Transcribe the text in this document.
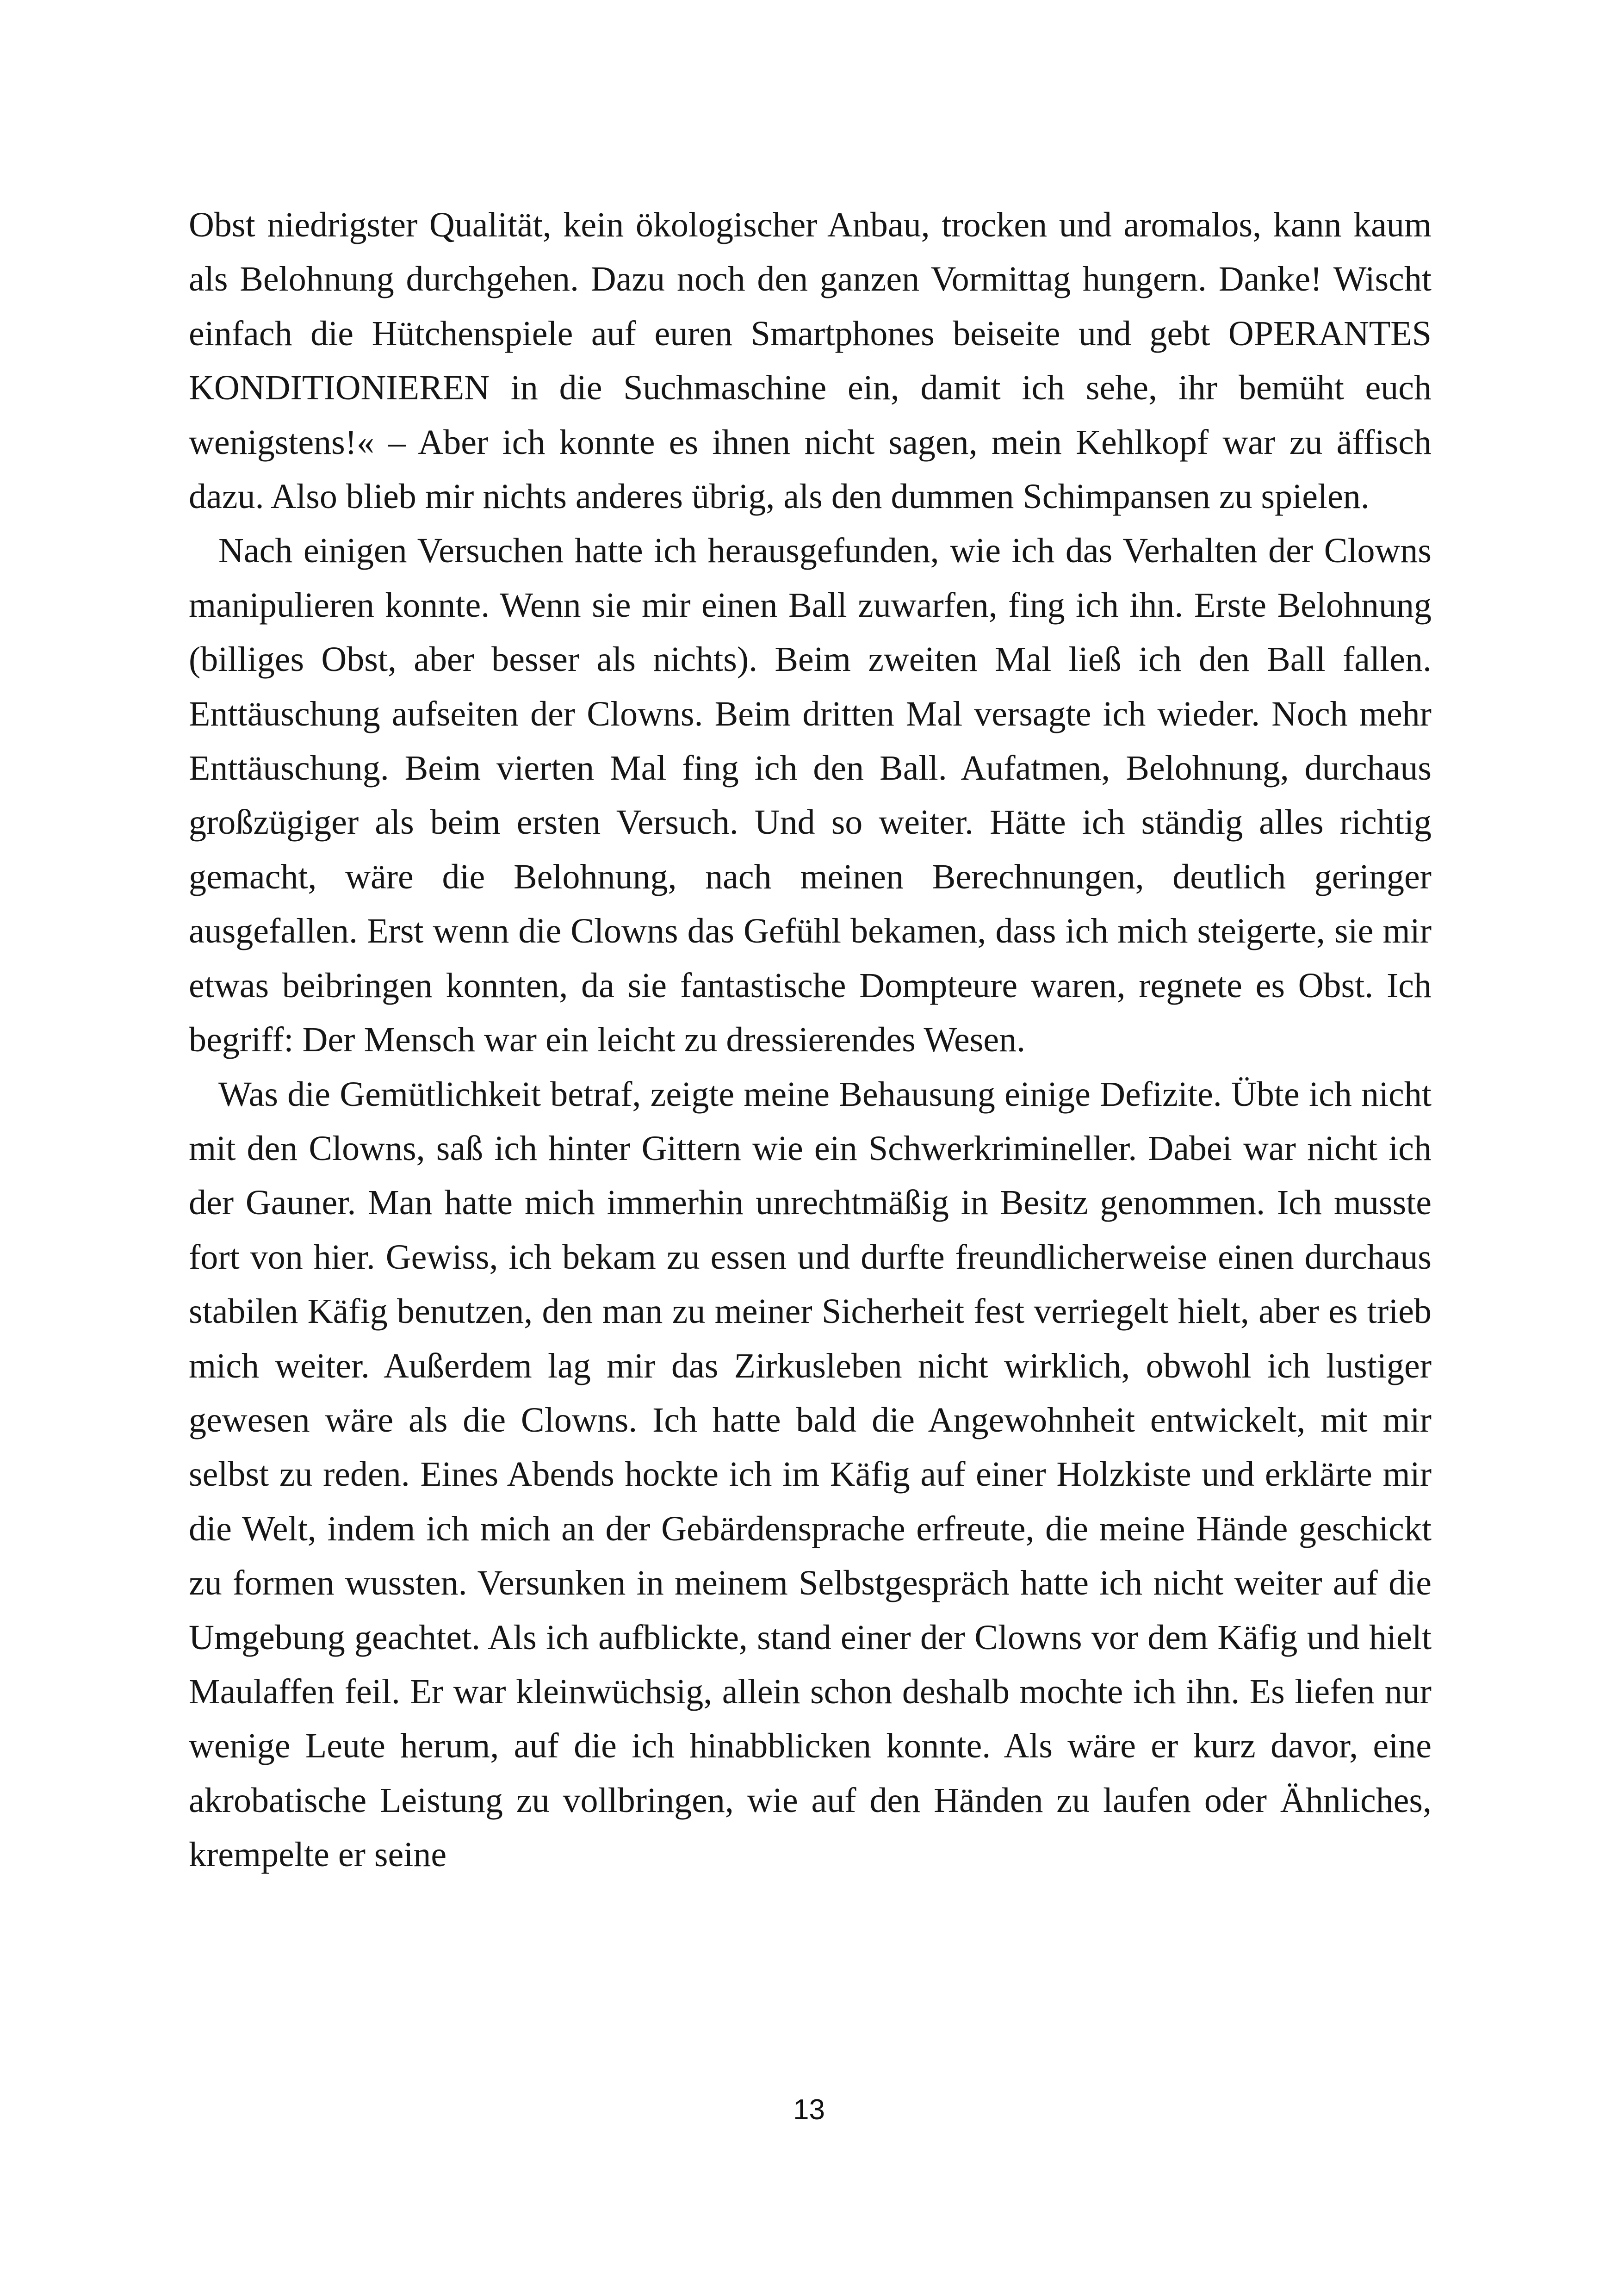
Obst niedrigster Qualität, kein ökologischer Anbau, trocken und aromalos, kann kaum als Belohnung durchgehen. Dazu noch den ganzen Vormittag hungern. Danke! Wischt einfach die Hütchenspiele auf euren Smartphones beiseite und gebt OPERANTES KONDITIONIEREN in die Suchmaschine ein, damit ich sehe, ihr bemüht euch wenigstens!« – Aber ich konnte es ihnen nicht sagen, mein Kehlkopf war zu äffisch dazu. Also blieb mir nichts anderes übrig, als den dummen Schimpansen zu spielen.

Nach einigen Versuchen hatte ich herausgefunden, wie ich das Verhalten der Clowns manipulieren konnte. Wenn sie mir einen Ball zuwarfen, fing ich ihn. Erste Belohnung (billiges Obst, aber besser als nichts). Beim zweiten Mal ließ ich den Ball fallen. Enttäuschung aufseiten der Clowns. Beim dritten Mal versagte ich wieder. Noch mehr Enttäuschung. Beim vierten Mal fing ich den Ball. Aufatmen, Belohnung, durchaus großzügiger als beim ersten Versuch. Und so weiter. Hätte ich ständig alles richtig gemacht, wäre die Belohnung, nach meinen Berechnungen, deutlich geringer ausgefallen. Erst wenn die Clowns das Gefühl bekamen, dass ich mich steigerte, sie mir etwas beibringen konnten, da sie fantastische Dompteure waren, regnete es Obst. Ich begriff: Der Mensch war ein leicht zu dressierendes Wesen.

Was die Gemütlichkeit betraf, zeigte meine Behausung einige Defizite. Übte ich nicht mit den Clowns, saß ich hinter Gittern wie ein Schwerkrimineller. Dabei war nicht ich der Gauner. Man hatte mich immerhin unrechtmäßig in Besitz genommen. Ich musste fort von hier. Gewiss, ich bekam zu essen und durfte freundlicherweise einen durchaus stabilen Käfig benutzen, den man zu meiner Sicherheit fest verriegelt hielt, aber es trieb mich weiter. Außerdem lag mir das Zirkusleben nicht wirklich, obwohl ich lustiger gewesen wäre als die Clowns. Ich hatte bald die Angewohnheit entwickelt, mit mir selbst zu reden. Eines Abends hockte ich im Käfig auf einer Holzkiste und erklärte mir die Welt, indem ich mich an der Gebärdensprache erfreute, die meine Hände geschickt zu formen wussten. Versunken in meinem Selbstgespräch hatte ich nicht weiter auf die Umgebung geachtet. Als ich aufblickte, stand einer der Clowns vor dem Käfig und hielt Maulaffen feil. Er war kleinwüchsig, allein schon deshalb mochte ich ihn. Es liefen nur wenige Leute herum, auf die ich hinabblicken konnte. Als wäre er kurz davor, eine akrobatische Leistung zu vollbringen, wie auf den Händen zu laufen oder Ähnliches, krempelte er seine

13
